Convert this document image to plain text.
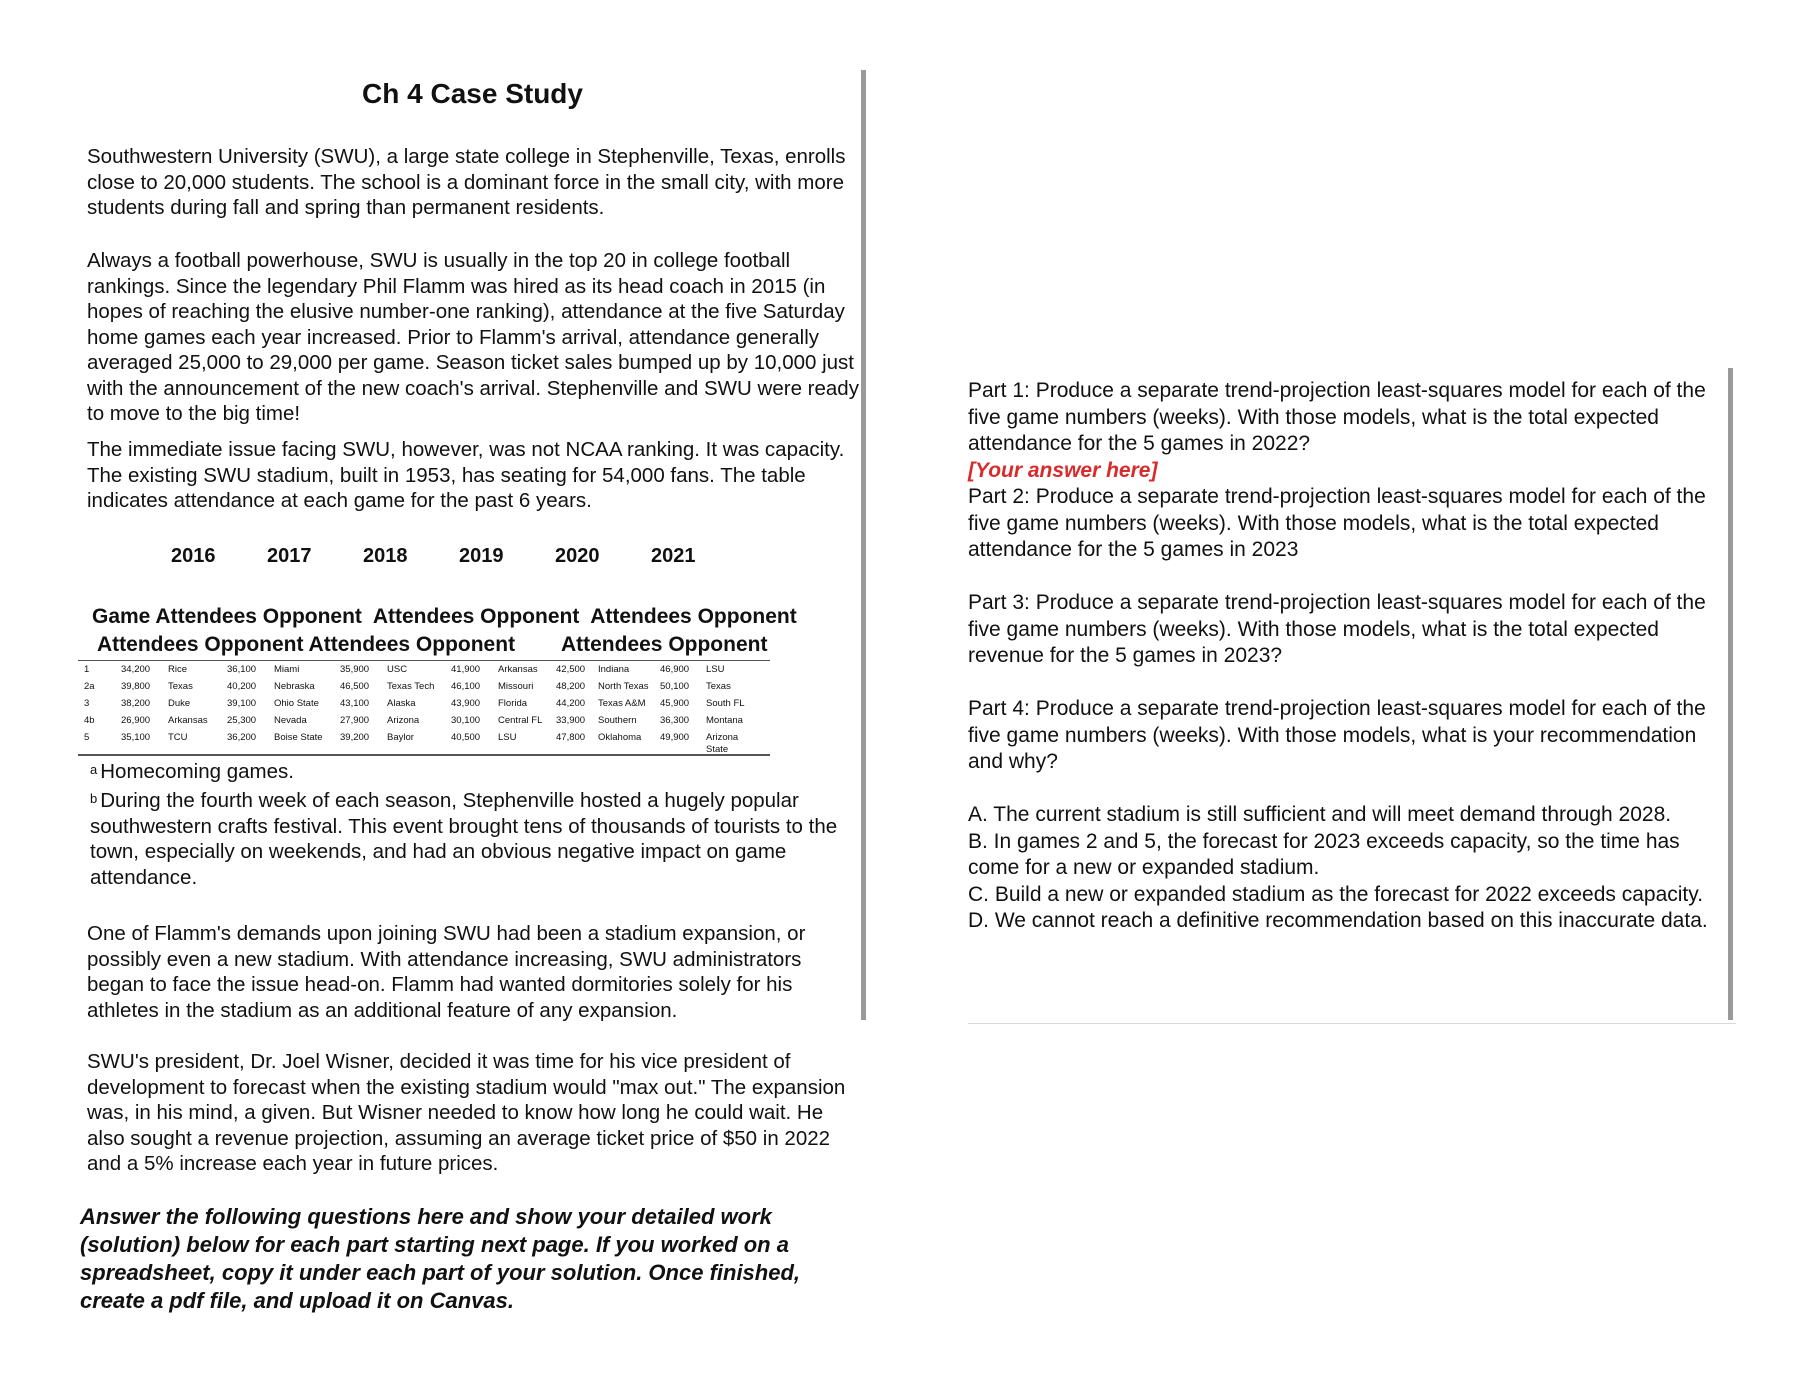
Ch 4 Case Study

Southwestern University (SWU), a large state college in Stephenville, Texas, enrolls close to 20,000 students. The school is a dominant force in the small city, with more students during fall and spring than permanent residents.

Always a football powerhouse, SWU is usually in the top 20 in college football rankings. Since the legendary Phil Flamm was hired as its head coach in 2015 (in hopes of reaching the elusive number-one ranking), attendance at the five Saturday home games each year increased. Prior to Flamm's arrival, attendance generally averaged 25,000 to 29,000 per game. Season ticket sales bumped up by 10,000 just with the announcement of the new coach's arrival. Stephenville and SWU were ready to move to the big time!

The immediate issue facing SWU, however, was not NCAA ranking. It was capacity. The existing SWU stadium, built in 1953, has seating for 54,000 fans. The table indicates attendance at each game for the past 6 years.

2016	2017	2018	2019	2020	2021
Game Attendees Opponent  Attendees Opponent  Attendees Opponent
Attendees Opponent Attendees Opponent        Attendees Opponent
1	34,200 Rice	36,100 Miami	35,900 USC	41,900 Arkansas 42,500 Indiana	46,900 LSU
2a	39,800 Texas	40,200 Nebraska	46,500 Texas Tech 46,100 Missouri 48,200 North Texas 50,100 Texas
3	38,200 Duke	39,100 Ohio State 43,100 Alaska	43,900 Florida	44,200 Texas A&M 45,900 South FL
4b	26,900 Arkansas 25,300 Nevada	27,900 Arizona	30,100 Central FL 33,900 Southern 36,300 Montana
5	35,100 TCU	36,200 Boise State 39,200 Baylor	40,500 LSU	47,800 Oklahoma 49,900 Arizona
State

$^a$ Homecoming games.

$^b$ During the fourth week of each season, Stephenville hosted a hugely popular southwestern crafts festival. This event brought tens of thousands of tourists to the town, especially on weekends, and had an obvious negative impact on game attendance.

One of Flamm's demands upon joining SWU had been a stadium expansion, or possibly even a new stadium. With attendance increasing, SWU administrators began to face the issue head-on. Flamm had wanted dormitories solely for his athletes in the stadium as an additional feature of any expansion.

SWU's president, Dr. Joel Wisner, decided it was time for his vice president of development to forecast when the existing stadium would "max out." The expansion was, in his mind, a given. But Wisner needed to know how long he could wait. He also sought a revenue projection, assuming an average ticket price of $50 in 2022 and a 5% increase each year in future prices.

Answer the following questions here and show your detailed work (solution) below for each part starting next page. If you worked on a spreadsheet, copy it under each part of your solution. Once finished, create a pdf file, and upload it on Canvas.

Part 1: Produce a separate trend-projection least-squares model for each of the five game numbers (weeks). With those models, what is the total expected attendance for the 5 games in 2022?

[Your answer here]

Part 2: Produce a separate trend-projection least-squares model for each of the five game numbers (weeks). With those models, what is the total expected attendance for the 5 games in 2023

Part 3: Produce a separate trend-projection least-squares model for each of the five game numbers (weeks). With those models, what is the total expected revenue for the 5 games in 2023?

Part 4: Produce a separate trend-projection least-squares model for each of the five game numbers (weeks). With those models, what is your recommendation and why?

A. The current stadium is still sufficient and will meet demand through 2028.

B. In games 2 and 5, the forecast for 2023 exceeds capacity, so the time has come for a new or expanded stadium.

C. Build a new or expanded stadium as the forecast for 2022 exceeds capacity.

D. We cannot reach a definitive recommendation based on this inaccurate data.
